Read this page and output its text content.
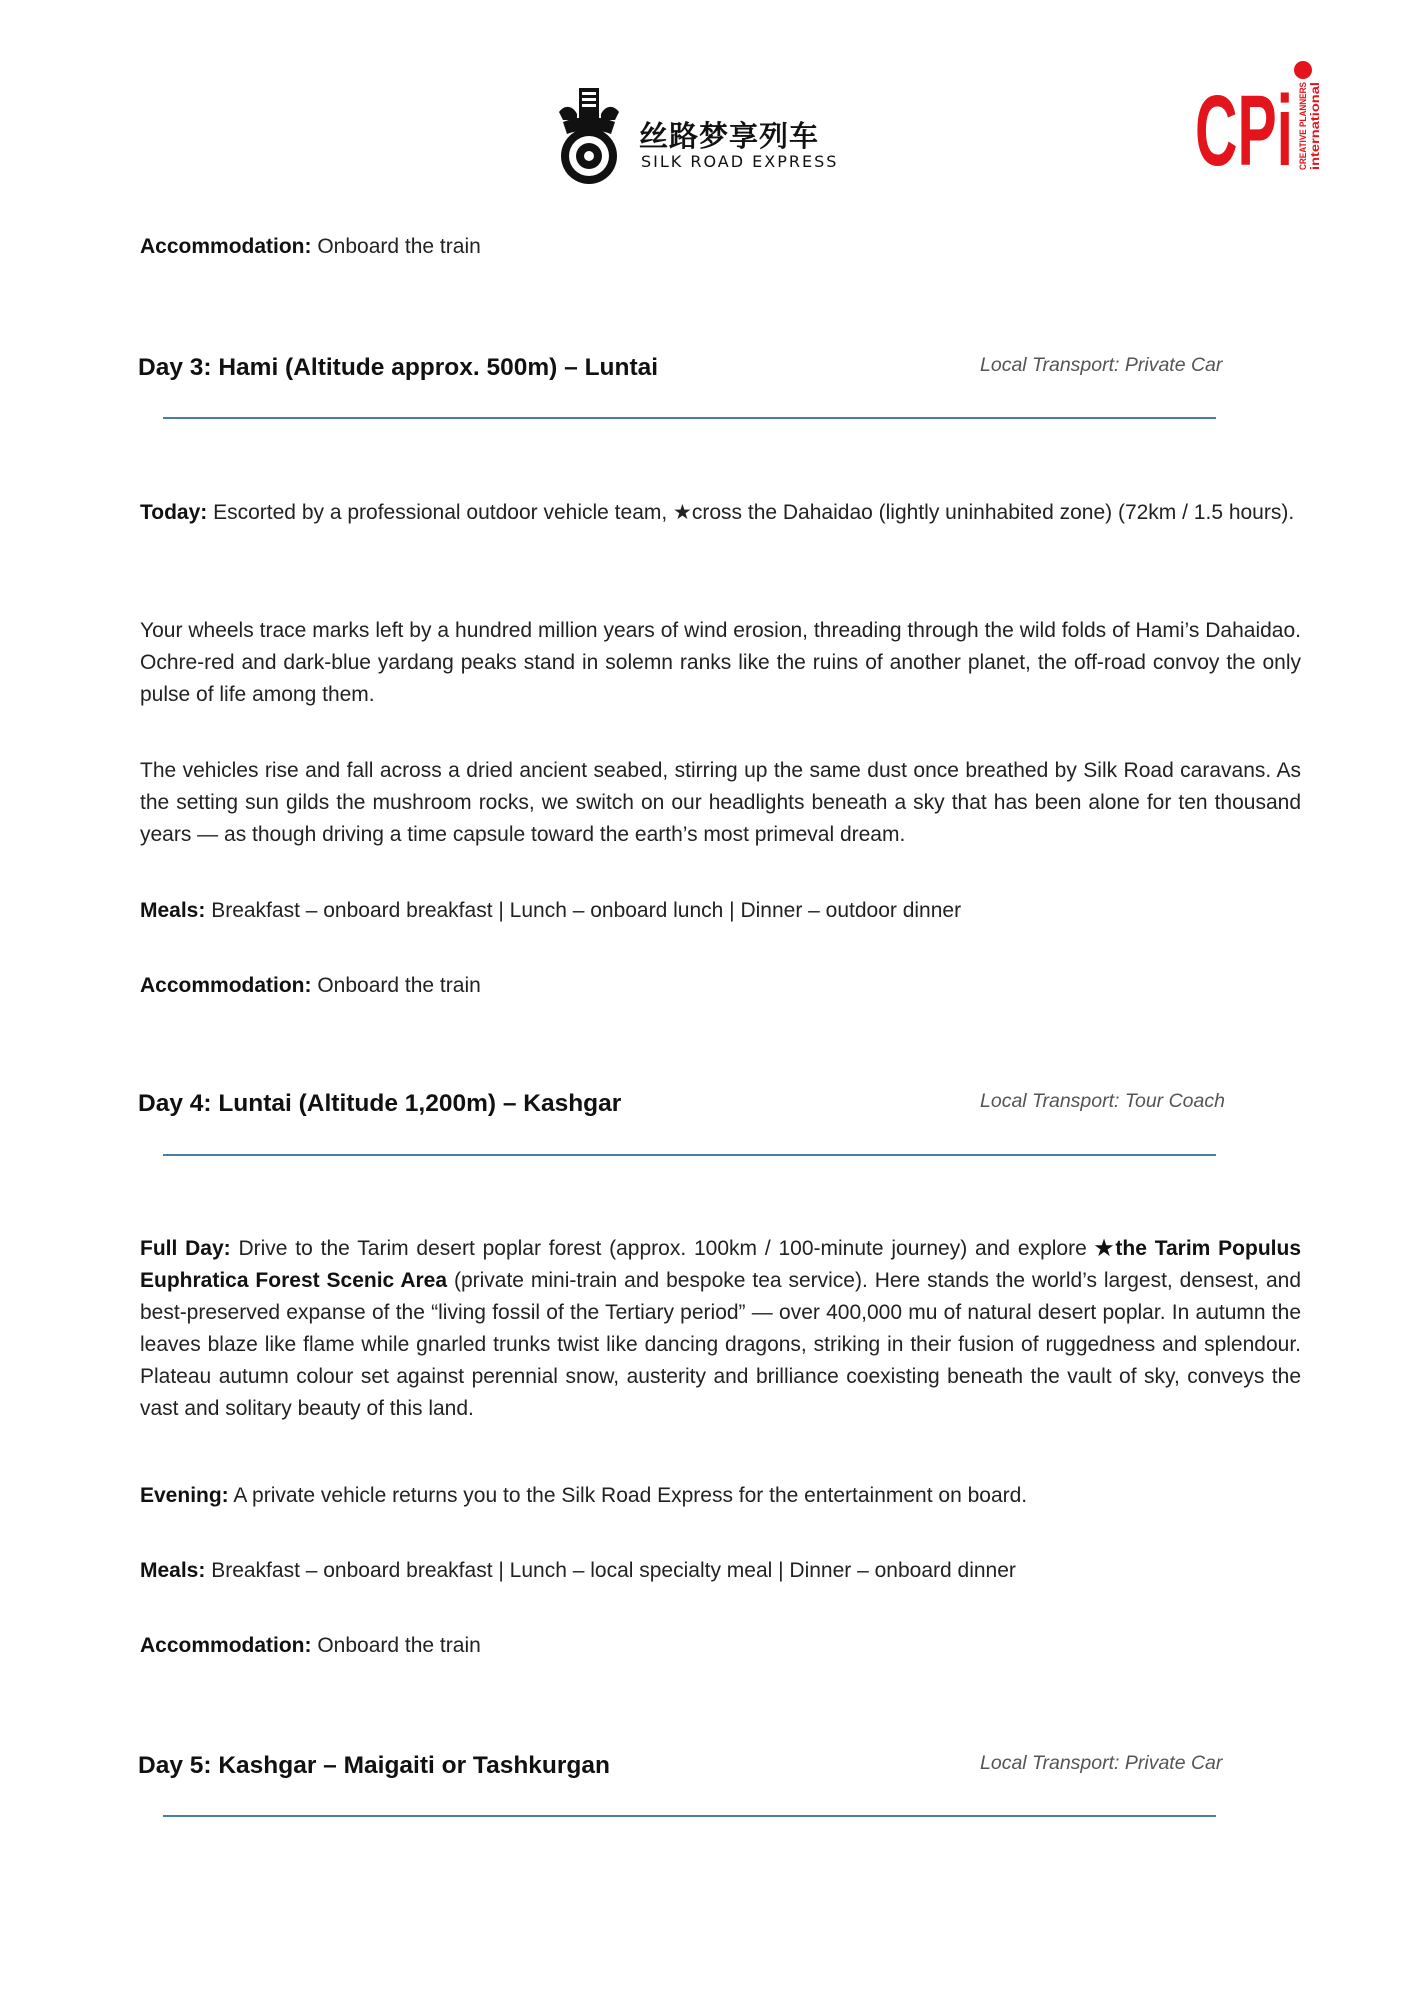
丝路梦享列车
SILK ROAD EXPRESS	CPi CREATIVE PLANNERS international
Accommodation: Onboard the train
Day 3: Hami (Altitude approx. 500m) – Luntai	Local Transport: Private Car
Today: Escorted by a professional outdoor vehicle team, ★cross the Dahaidao (lightly uninhabited zone) (72km / 1.5 hours).
Your wheels trace marks left by a hundred million years of wind erosion, threading through the wild folds of Hami’s Dahaidao. Ochre-red and dark-blue yardang peaks stand in solemn ranks like the ruins of another planet, the off-road convoy the only pulse of life among them.
The vehicles rise and fall across a dried ancient seabed, stirring up the same dust once breathed by Silk Road caravans. As the setting sun gilds the mushroom rocks, we switch on our headlights beneath a sky that has been alone for ten thousand years — as though driving a time capsule toward the earth’s most primeval dream.
Meals: Breakfast – onboard breakfast | Lunch – onboard lunch | Dinner – outdoor dinner
Accommodation: Onboard the train
Day 4: Luntai (Altitude 1,200m) – Kashgar	Local Transport: Tour Coach
Full Day: Drive to the Tarim desert poplar forest (approx. 100km / 100-minute journey) and explore ★the Tarim Populus Euphratica Forest Scenic Area (private mini-train and bespoke tea service). Here stands the world’s largest, densest, and best-preserved expanse of the “living fossil of the Tertiary period” — over 400,000 mu of natural desert poplar. In autumn the leaves blaze like flame while gnarled trunks twist like dancing dragons, striking in their fusion of ruggedness and splendour. Plateau autumn colour set against perennial snow, austerity and brilliance coexisting beneath the vault of sky, conveys the vast and solitary beauty of this land.
Evening: A private vehicle returns you to the Silk Road Express for the entertainment on board.
Meals: Breakfast – onboard breakfast | Lunch – local specialty meal | Dinner – onboard dinner
Accommodation: Onboard the train
Day 5: Kashgar – Maigaiti or Tashkurgan	Local Transport: Private Car
